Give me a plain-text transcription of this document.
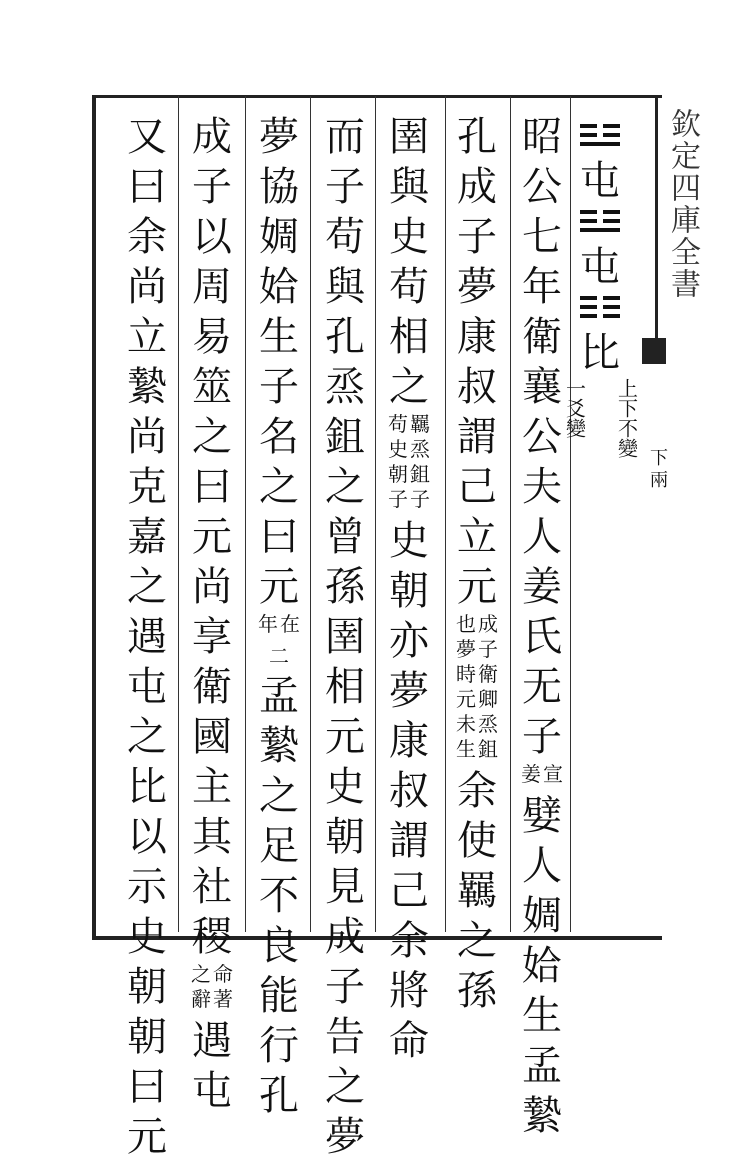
欽定四庫全書
下
兩
屯
屯
比
上下
不變
一爻
變
昭
公
七
年
衛
襄
公
夫
人
姜
氏
无
子
宣
姜
嬖
人
婤
姶
生
孟
縶
孔
成
子
夢
康
叔
謂
己
立
元
成
子
衛
卿
烝
鉏
也
夢
時
元
未
生
余
使
羈
之
孫
圉
與
史
苟
相
之
羈
烝
鉏
子
苟
史
朝
子
史
朝
亦
夢
康
叔
謂
己
余
將
命
而
子
苟
與
孔
烝
鉏
之
曾
孫
圉
相
元
史
朝
見
成
子
告
之
夢
夢
協
婤
姶
生
子
名
之
曰
元
在
年
二
孟
縶
之
足
不
良
能
行
孔
成
子
以
周
易
筮
之
曰
元
尚
享
衛
國
主
其
社
稷
命
著
之
辭
遇
屯
又
曰
余
尚
立
縶
尚
克
嘉
之
遇
屯
之
比
以
示
史
朝
朝
曰
元
